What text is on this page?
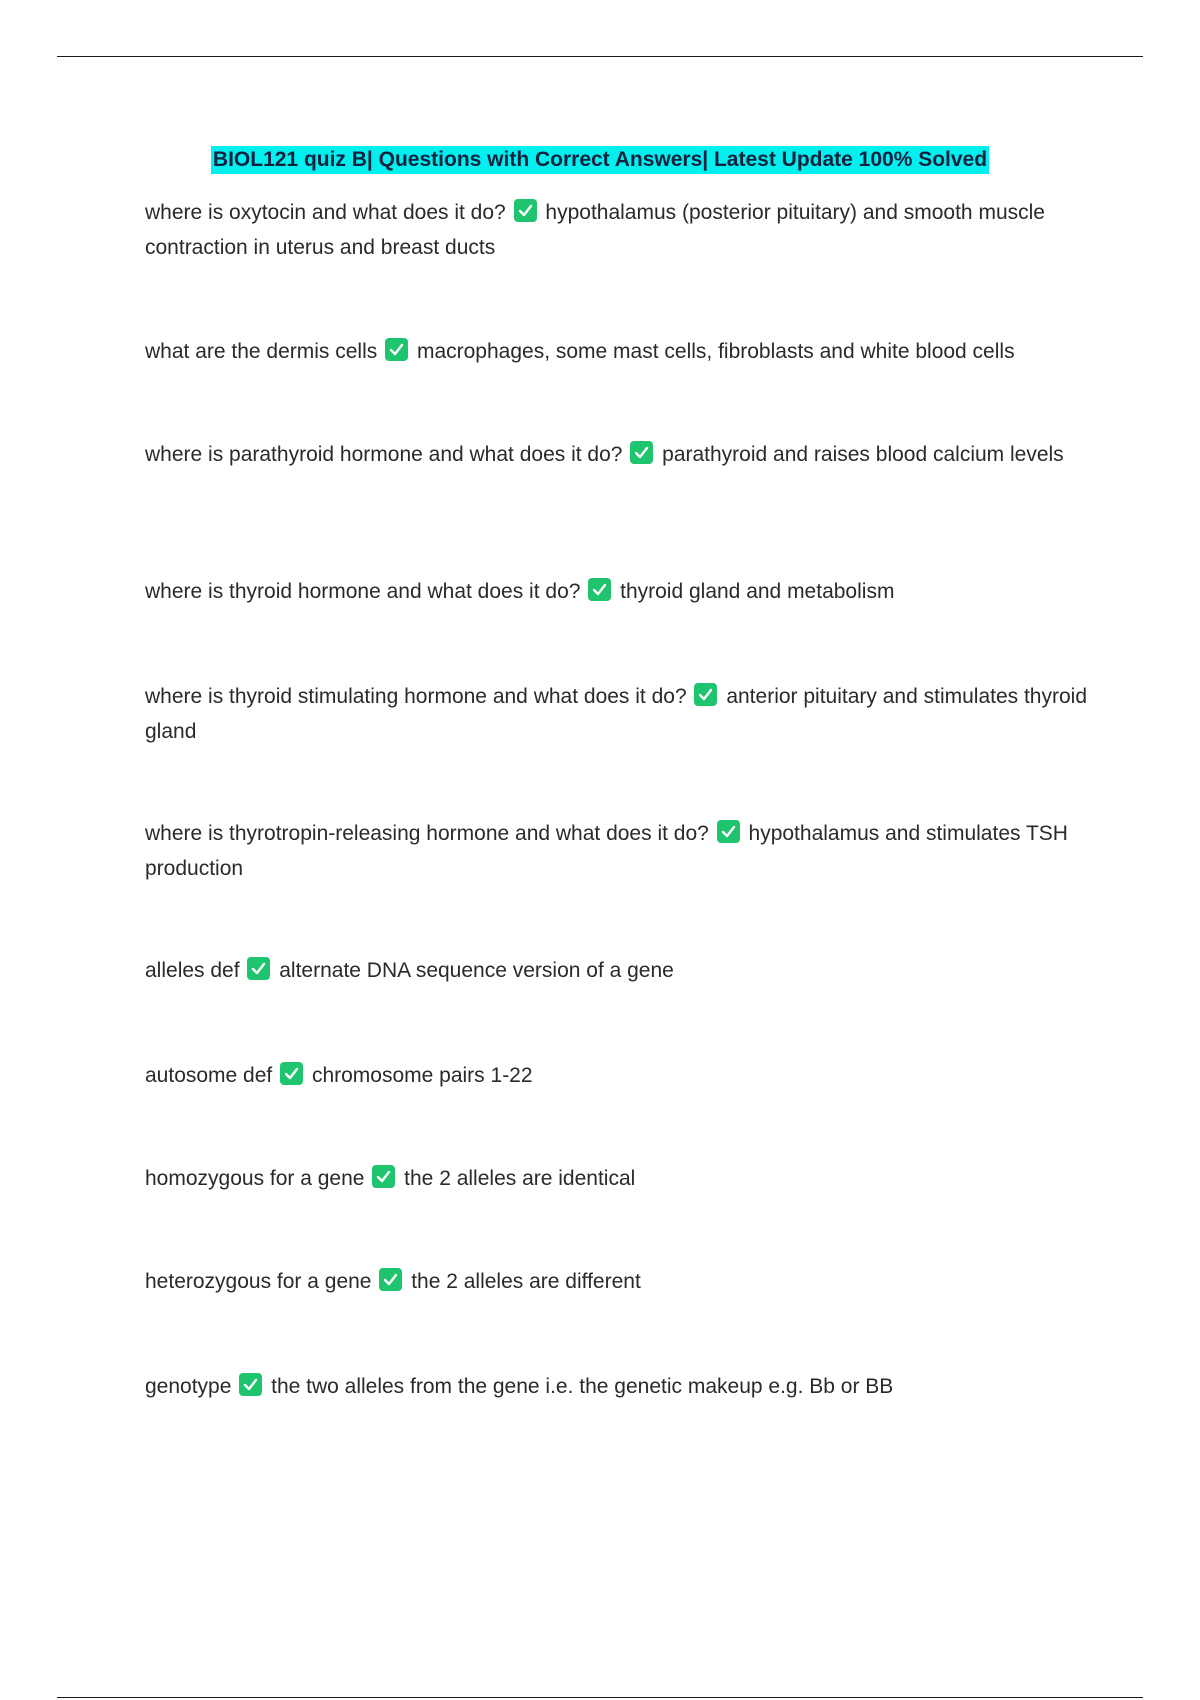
BIOL121 quiz B| Questions with Correct Answers| Latest Update 100% Solved
where is oxytocin and what does it do? hypothalamus (posterior pituitary) and smooth muscle contraction in uterus and breast ducts
what are the dermis cells macrophages, some mast cells, fibroblasts and white blood cells
where is parathyroid hormone and what does it do? parathyroid and raises blood calcium levels
where is thyroid hormone and what does it do? thyroid gland and metabolism
where is thyroid stimulating hormone and what does it do? anterior pituitary and stimulates thyroid gland
where is thyrotropin-releasing hormone and what does it do? hypothalamus and stimulates TSH production
alleles def alternate DNA sequence version of a gene
autosome def chromosome pairs 1-22
homozygous for a gene the 2 alleles are identical
heterozygous for a gene the 2 alleles are different
genotype the two alleles from the gene i.e. the genetic makeup e.g. Bb or BB
